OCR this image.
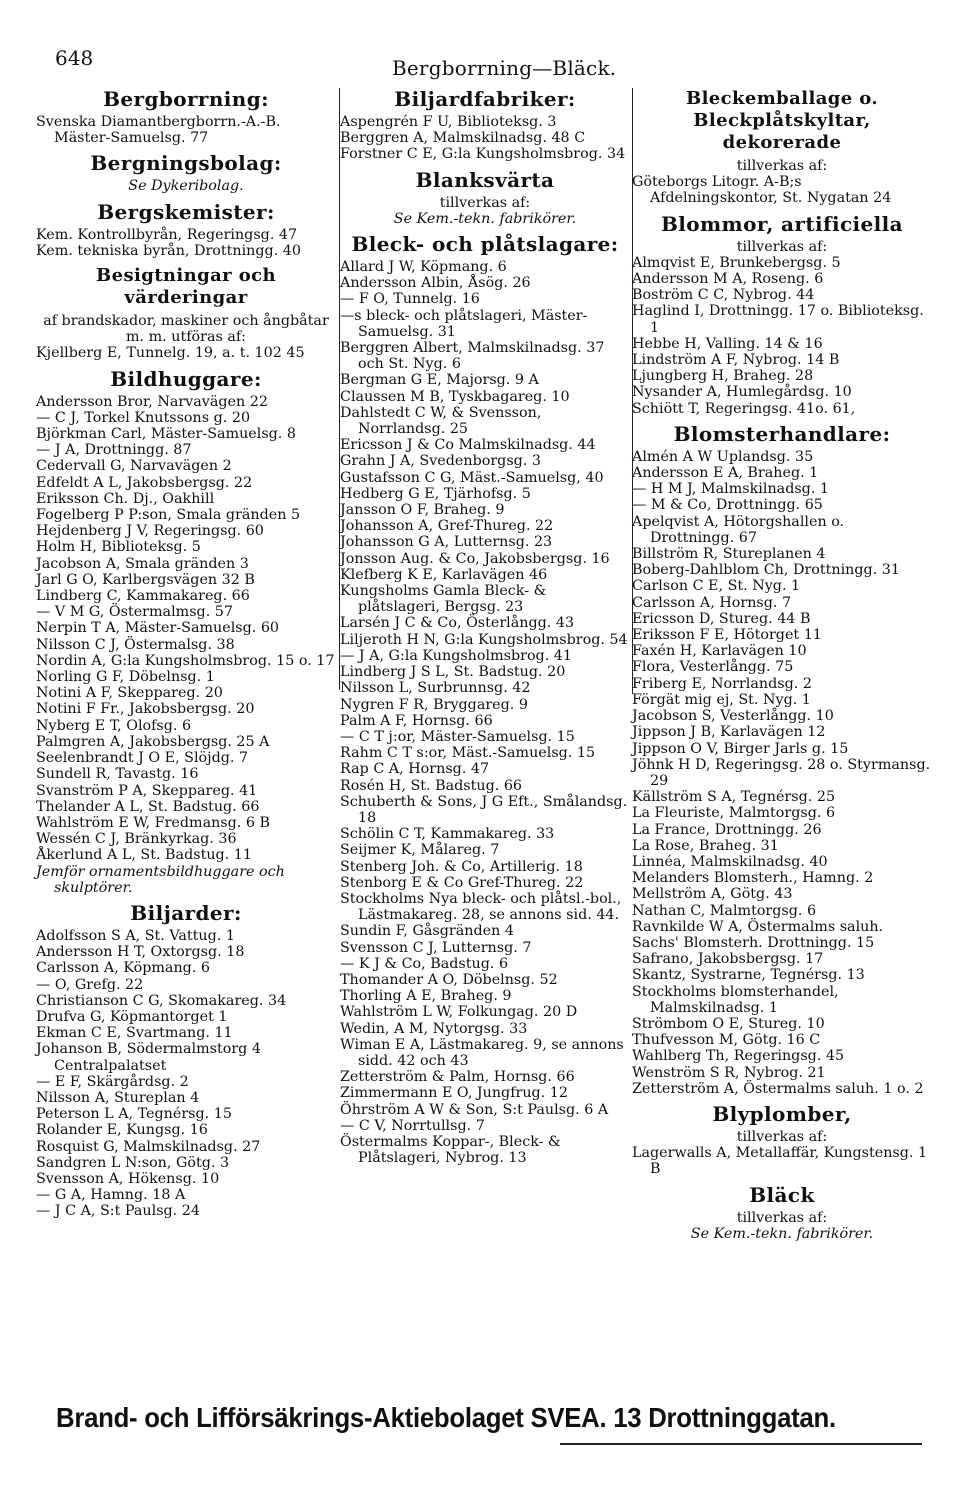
648	Bergborrning—Bläck.
Bergborrning:
Svenska Diamantbergborrn.-A.-B. Mäster-Samuelsg. 77
Bergningsbolag:
Se Dykeribolag.
Bergskemister:
Kem. Kontrollbyrån, Regeringsg. 47
Kem. tekniska byrån, Drottningg. 40
Besigtningar och värderingar
af brandskador, maskiner och ångbåtar m. m. utföras af:
Kjellberg E, Tunnelg. 19, a. t. 102 45
Bildhuggare:
Andersson Bror, Narvavägen 22
— C J, Torkel Knutssons g. 20
Björkman Carl, Mäster-Samuelsg. 8
— J A, Drottningg. 87
Cedervall G, Narvavägen 2
Edfeldt A L, Jakobsbergsg. 22
Eriksson Ch. Dj., Oakhill
Fogelberg P P:son, Smala gränden 5
Hejdenberg J V, Regeringsg. 60
Holm H, Biblioteksg. 5
Jacobson A, Smala gränden 3
Jarl G O, Karlbergsvägen 32 B
Lindberg C, Kammakareg. 66
— V M G, Östermalmsg. 57
Nerpin T A, Mäster-Samuelsg. 60
Nilsson C J, Östermalsg. 38
Nordin A, G:la Kungsholmsbrog. 15 o. 17
Norling G F, Döbelnsg. 1
Notini A F, Skeppareg. 20
Notini F Fr., Jakobsbergsg. 20
Nyberg E T, Olofsg. 6
Palmgren A, Jakobsbergsg. 25 A
Seelenbrandt J O E, Slöjdg. 7
Sundell R, Tavastg. 16
Svanström P A, Skeppareg. 41
Thelander A L, St. Badstug. 66
Wahlström E W, Fredmansg. 6 B
Wessén C J, Bränkyrkag. 36
Åkerlund A L, St. Badstug. 11
Jemför ornamentsbildhuggare och skulptörer.
Biljarder:
Adolfsson S A, St. Vattug. 1
Andersson H T, Oxtorgsg. 18
Carlsson A, Köpmang. 6
— O, Grefg. 22
Christianson C G, Skomakareg. 34
Drufva G, Köpmantorget 1
Ekman C E, Svartmang. 11
Johanson B, Södermalmstorg 4 Centralpalatset
— E F, Skärgårdsg. 2
Nilsson A, Stureplan 4
Peterson L A, Tegnérsg. 15
Rolander E, Kungsg. 16
Rosquist G, Malmskilnadsg. 27
Sandgren L N:son, Götg. 3
Svensson A, Hökensg. 10
— G A, Hamng. 18 A
— J C A, S:t Paulsg. 24
Biljardfabriker:
Aspengrén F U, Biblioteksg. 3
Berggren A, Malmskilnadsg. 48 C
Forstner C E, G:la Kungsholmsbrog. 34
Blanksvärta
tillverkas af:
Se Kem.-tekn. fabrikörer.
Bleck- och plåtslagare:
Allard J W, Köpmang. 6
Andersson Albin, Åsög. 26
— F O, Tunnelg. 16
—s bleck- och plåtslageri, Mäster-Samuelsg. 31
Berggren Albert, Malmskilnadsg. 37 och St. Nyg. 6
Bergman G E, Majorsg. 9 A
Claussen M B, Tyskbagareg. 10
Dahlstedt C W, & Svensson, Norrlandsg. 25
Ericsson J & Co Malmskilnadsg. 44
Grahn J A, Svedenborgsg. 3
Gustafsson C G, Mäst.-Samuelsg, 40
Hedberg G E, Tjärhofsg. 5
Jansson O F, Braheg. 9
Johansson A, Gref-Thureg. 22
Johansson G A, Lutternsg. 23
Jonsson Aug. & Co, Jakobsbergsg. 16
Klefberg K E, Karlavägen 46
Kungsholms Gamla Bleck- & plåtslageri, Bergsg. 23
Larsén J C & Co, Österlångg. 43
Liljeroth H N, G:la Kungsholmsbrog. 54
— J A, G:la Kungsholmsbrog. 41
Lindberg J S L, St. Badstug. 20
Nilsson L, Surbrunnsg. 42
Nygren F R, Bryggareg. 9
Palm A F, Hornsg. 66
— C T j:or, Mäster-Samuelsg. 15
Rahm C T s:or, Mäst.-Samuelsg. 15
Rap C A, Hornsg. 47
Rosén H, St. Badstug. 66
Schuberth & Sons, J G Eft., Smålandsg. 18
Schölin C T, Kammakareg. 33
Seijmer K, Målareg. 7
Stenberg Joh. & Co, Artillerig. 18
Stenborg E & Co Gref-Thureg. 22
Stockholms Nya bleck- och plåtsl.-bol., Lästmakareg. 28, se annons sid. 44.
Sundin F, Gåsgränden 4
Svensson C J, Lutternsg. 7
— K J & Co, Badstug. 6
Thomander A O, Döbelnsg. 52
Thorling A E, Braheg. 9
Wahlström L W, Folkungag. 20 D
Wedin, A M, Nytorgsg. 33
Wiman E A, Lästmakareg. 9, se annons sidd. 42 och 43
Zetterström & Palm, Hornsg. 66
Zimmermann E O, Jungfrug. 12
Öhrström A W & Son, S:t Paulsg. 6 A
— C V, Norrtullsg. 7
Östermalms Koppar-, Bleck- & Plåtslageri, Nybrog. 13
Bleckemballage o. Bleckplåtskyltar, dekorerade
tillverkas af:
Göteborgs Litogr. A-B;s Afdelningskontor, St. Nygatan 24
Blommor, artificiella
tillverkas af:
Almqvist E, Brunkebergsg. 5
Andersson M A, Roseng. 6
Boström C C, Nybrog. 44
Haglind I, Drottningg. 17 o. Biblioteksg. 1
Hebbe H, Valling. 14 & 16
Lindström A F, Nybrog. 14 B
Ljungberg H, Braheg. 28
Nysander A, Humlegårdsg. 10
Schiött T, Regeringsg. 41o. 61,
Blomsterhandlare:
Almén A W Uplandsg. 35
Andersson E A, Braheg. 1
— H M J, Malmskilnadsg. 1
— M & Co, Drottningg. 65
Apelqvist A, Hötorgshallen o. Drottningg. 67
Billström R, Stureplanen 4
Boberg-Dahlblom Ch, Drottningg. 31
Carlson C E, St. Nyg. 1
Carlsson A, Hornsg. 7
Ericsson D, Stureg. 44 B
Eriksson F E, Hötorget 11
Faxén H, Karlavägen 10
Flora, Vesterlångg. 75
Friberg E, Norrlandsg. 2
Förgät mig ej, St. Nyg. 1
Jacobson S, Vesterlångg. 10
Jippson J B, Karlavägen 12
Jippson O V, Birger Jarls g. 15
Jöhnk H D, Regeringsg. 28 o. Styrmansg. 29
Källström S A, Tegnérsg. 25
La Fleuriste, Malmtorgsg. 6
La France, Drottningg. 26
La Rose, Braheg. 31
Linnéa, Malmskilnadsg. 40
Melanders Blomsterh., Hamng. 2
Mellström A, Götg. 43
Nathan C, Malmtorgsg. 6
Ravnkilde W A, Östermalms saluh.
Sachs' Blomsterh. Drottningg. 15
Safrano, Jakobsbergsg. 17
Skantz, Systrarne, Tegnérsg. 13
Stockholms blomsterhandel, Malmskilnadsg. 1
Strömbom O E, Stureg. 10
Thufvesson M, Götg. 16 C
Wahlberg Th, Regeringsg. 45
Wenström S R, Nybrog. 21
Zetterström A, Östermalms saluh. 1 o. 2
Blyplomber,
tillverkas af:
Lagerwalls A, Metallaffär, Kungstensg. 1 B
Bläck
tillverkas af:
Se Kem.-tekn. fabrikörer.
Brand- och Lifförsäkrings-Aktiebolaget SVEA. 13 Drottninggatan.
